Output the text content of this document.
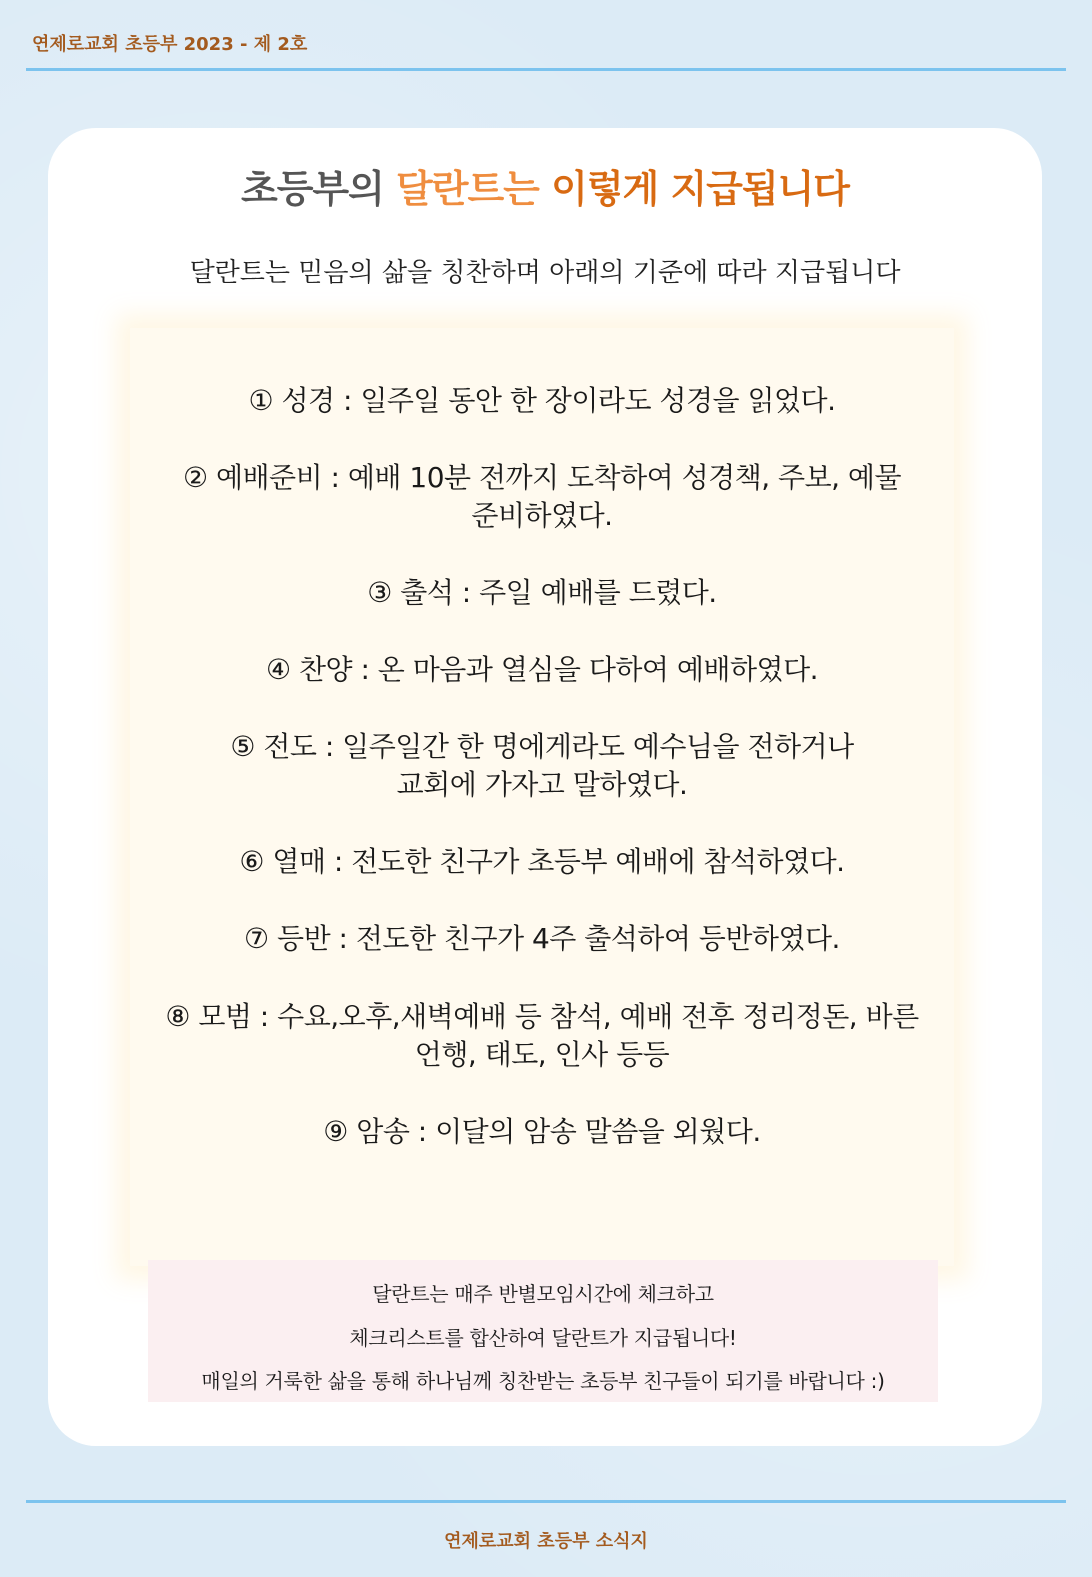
연제로교회 초등부 2023 - 제 2호
초등부의 달란트는 이렇게 지급됩니다
달란트는 믿음의 삶을 칭찬하며 아래의 기준에 따라 지급됩니다
① 성경 : 일주일 동안 한 장이라도 성경을 읽었다.
② 예배준비 : 예배 10분 전까지 도착하여 성경책, 주보, 예물
준비하였다.
③ 출석 : 주일 예배를 드렸다.
④ 찬양 : 온 마음과 열심을 다하여 예배하였다.
⑤ 전도 : 일주일간 한 명에게라도 예수님을 전하거나
교회에 가자고 말하였다.
⑥ 열매 : 전도한 친구가 초등부 예배에 참석하였다.
⑦ 등반 : 전도한 친구가 4주 출석하여 등반하였다.
⑧ 모범 : 수요,오후,새벽예배 등 참석, 예배 전후 정리정돈, 바른
언행, 태도, 인사 등등
⑨ 암송 : 이달의 암송 말씀을 외웠다.
달란트는 매주 반별모임시간에 체크하고
체크리스트를 합산하여 달란트가 지급됩니다!
매일의 거룩한 삶을 통해 하나님께 칭찬받는 초등부 친구들이 되기를 바랍니다 :)
연제로교회 초등부 소식지
